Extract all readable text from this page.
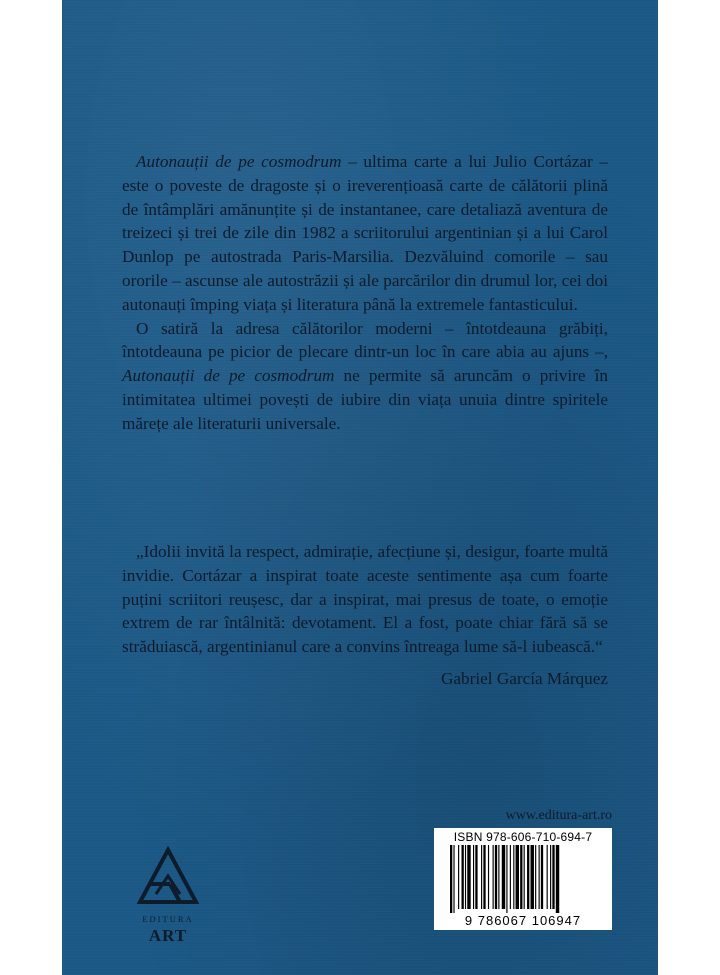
Autonauții de pe cosmodrum – ultima carte a lui Julio Cortázar – este o poveste de dragoste și o ireverențioasă carte de călătorii plină de întâmplări amănunțite și de instantanee, care detaliază aventura de treizeci și trei de zile din 1982 a scriitorului argentinian și a lui Carol Dunlop pe autostrada Paris-Marsilia. Dezvăluind comorile – sau ororile – ascunse ale autostrăzii și ale parcărilor din drumul lor, cei doi autonauți împing viața și literatura până la extremele fantasticului.

O satiră la adresa călătorilor moderni – întotdeauna grăbiți, întotdeauna pe picior de plecare dintr-un loc în care abia au ajuns –, Autonauții de pe cosmodrum ne permite să aruncăm o privire în intimitatea ultimei povești de iubire din viața unuia dintre spiritele mărețe ale literaturii universale.

„Idolii invită la respect, admirație, afecțiune și, desigur, foarte multă invidie. Cortázar a inspirat toate aceste sentimente așa cum foarte puțini scriitori reușesc, dar a inspirat, mai presus de toate, o emoție extrem de rar întâlnită: devotament. El a fost, poate chiar fără să se străduiască, argentinianul care a convins întreaga lume să-l iubească.“

Gabriel García Márquez
www.editura-art.ro
ISBN 978-606-710-694-7
9 786067 106947
EDITURA
ART
